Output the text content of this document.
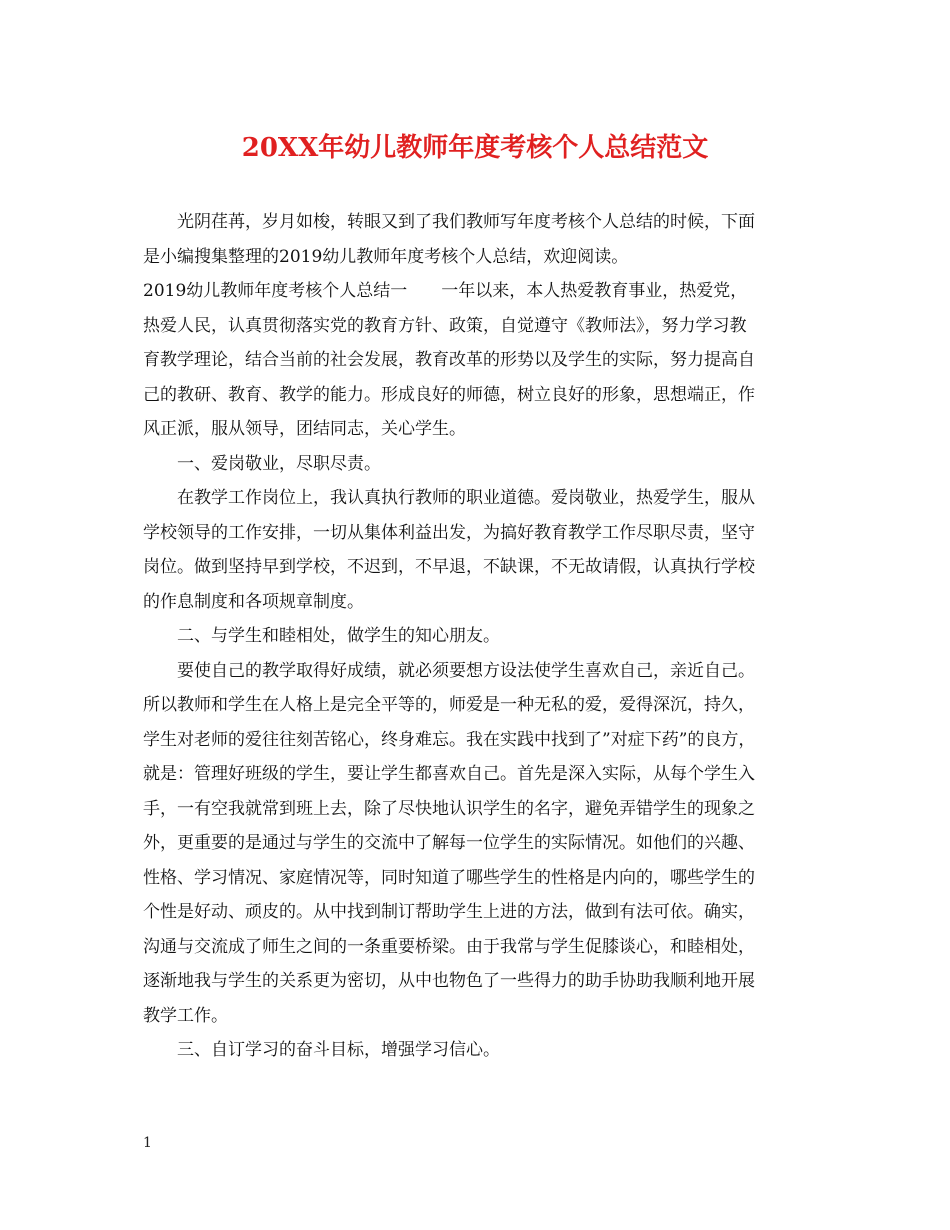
20XX年幼儿教师年度考核个人总结范文
光阴荏苒，岁月如梭，转眼又到了我们教师写年度考核个人总结的时候，下面
是小编搜集整理的2019幼儿教师年度考核个人总结，欢迎阅读。
2019幼儿教师年度考核个人总结一　　一年以来，本人热爱教育事业，热爱党，
热爱人民，认真贯彻落实党的教育方针、政策，自觉遵守《教师法》，努力学习教
育教学理论，结合当前的社会发展，教育改革的形势以及学生的实际，努力提高自
己的教研、教育、教学的能力。形成良好的师德，树立良好的形象，思想端正，作
风正派，服从领导，团结同志，关心学生。
一、爱岗敬业，尽职尽责。
在教学工作岗位上，我认真执行教师的职业道德。爱岗敬业，热爱学生，服从
学校领导的工作安排，一切从集体利益出发，为搞好教育教学工作尽职尽责，坚守
岗位。做到坚持早到学校，不迟到，不早退，不缺课，不无故请假，认真执行学校
的作息制度和各项规章制度。
二、与学生和睦相处，做学生的知心朋友。
要使自己的教学取得好成绩，就必须要想方设法使学生喜欢自己，亲近自己。
所以教师和学生在人格上是完全平等的，师爱是一种无私的爱，爱得深沉，持久，
学生对老师的爱往往刻苦铭心，终身难忘。我在实践中找到了”对症下药”的良方，
就是：管理好班级的学生，要让学生都喜欢自己。首先是深入实际，从每个学生入
手，一有空我就常到班上去，除了尽快地认识学生的名字，避免弄错学生的现象之
外，更重要的是通过与学生的交流中了解每一位学生的实际情况。如他们的兴趣、
性格、学习情况、家庭情况等，同时知道了哪些学生的性格是内向的，哪些学生的
个性是好动、顽皮的。从中找到制订帮助学生上进的方法，做到有法可依。确实，
沟通与交流成了师生之间的一条重要桥梁。由于我常与学生促膝谈心，和睦相处，
逐渐地我与学生的关系更为密切，从中也物色了一些得力的助手协助我顺利地开展
教学工作。
三、自订学习的奋斗目标，增强学习信心。
1
